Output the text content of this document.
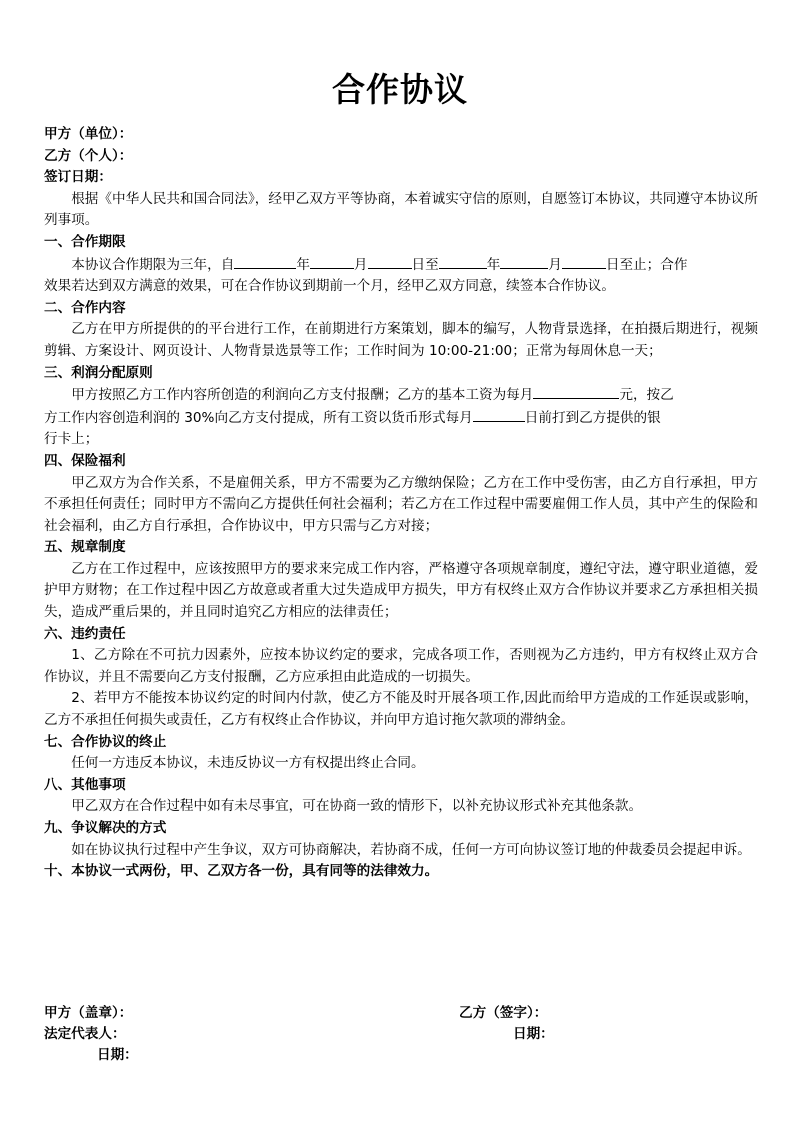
合作协议
甲方（单位）：
乙方（个人）：
签订日期：
根据《中华人民共和国合同法》，经甲乙双方平等协商，本着诚实守信的原则，自愿签订本协议，共同遵守本协议所列事项。
一、合作期限
本协议合作期限为三年，自	年	月	日至	年	月	日至止；合作
效果若达到双方满意的效果，可在合作协议到期前一个月，经甲乙双方同意，续签本合作协议。
二、合作内容
乙方在甲方所提供的的平台进行工作，在前期进行方案策划，脚本的编写，人物背景选择，在拍摄后期进行，视频剪辑、方案设计、网页设计、人物背景选景等工作；工作时间为 10:00-21:00；正常为每周休息一天；
三、利润分配原则
甲方按照乙方工作内容所创造的利润向乙方支付报酬；乙方的基本工资为每月	元，按乙
方工作内容创造利润的 30%向乙方支付提成，所有工资以货币形式每月	日前打到乙方提供的银
行卡上；
四、保险福利
甲乙双方为合作关系，不是雇佣关系，甲方不需要为乙方缴纳保险；乙方在工作中受伤害，由乙方自行承担，甲方不承担任何责任；同时甲方不需向乙方提供任何社会福利；若乙方在工作过程中需要雇佣工作人员，其中产生的保险和社会福利，由乙方自行承担，合作协议中，甲方只需与乙方对接；
五、规章制度
乙方在工作过程中，应该按照甲方的要求来完成工作内容，严格遵守各项规章制度，遵纪守法，遵守职业道德，爱护甲方财物；在工作过程中因乙方故意或者重大过失造成甲方损失，甲方有权终止双方合作协议并要求乙方承担相关损失，造成严重后果的，并且同时追究乙方相应的法律责任；
六、违约责任
1、乙方除在不可抗力因素外，应按本协议约定的要求，完成各项工作，否则视为乙方违约，甲方有权终止双方合作协议，并且不需要向乙方支付报酬，乙方应承担由此造成的一切损失。
2、若甲方不能按本协议约定的时间内付款，使乙方不能及时开展各项工作,因此而给甲方造成的工作延误或影响，乙方不承担任何损失或责任，乙方有权终止合作协议，并向甲方追讨拖欠款项的滞纳金。
七、合作协议的终止
任何一方违反本协议，未违反协议一方有权提出终止合同。
八、其他事项
甲乙双方在合作过程中如有未尽事宜，可在协商一致的情形下，以补充协议形式补充其他条款。
九、争议解决的方式
如在协议执行过程中产生争议，双方可协商解决，若协商不成，任何一方可向协议签订地的仲裁委员会提起申诉。
十、本协议一式两份，甲、乙双方各一份，具有同等的法律效力。
甲方（盖章）：
法定代表人：
日期：
乙方（签字）：
日期：
